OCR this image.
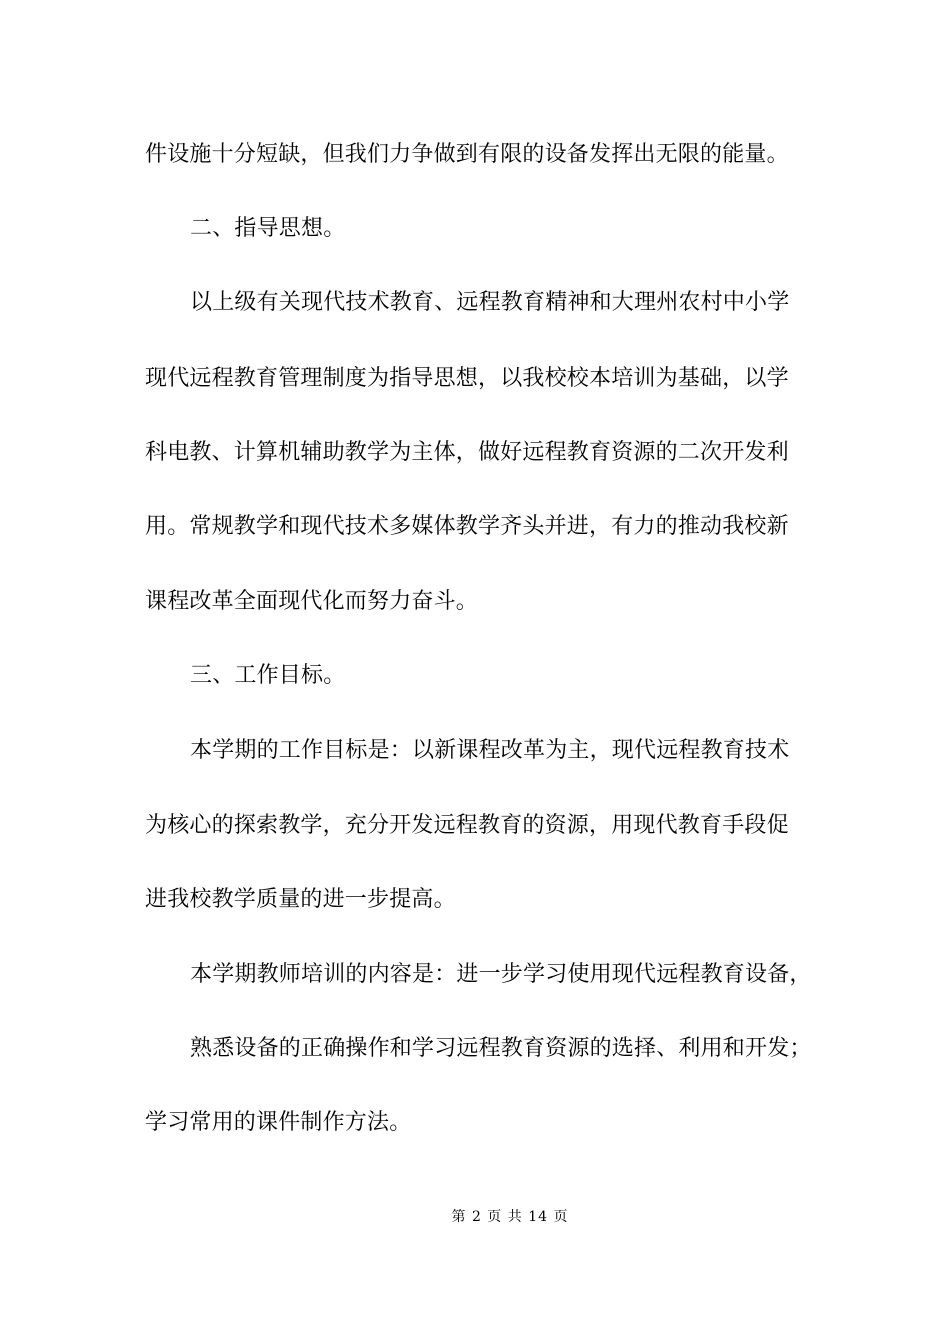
件设施十分短缺，但我们力争做到有限的设备发挥出无限的能量。
二、指导思想。
以上级有关现代技术教育、远程教育精神和大理州农村中小学
现代远程教育管理制度为指导思想，以我校校本培训为基础，以学
科电教、计算机辅助教学为主体，做好远程教育资源的二次开发利
用。常规教学和现代技术多媒体教学齐头并进，有力的推动我校新
课程改革全面现代化而努力奋斗。
三、工作目标。
本学期的工作目标是：以新课程改革为主，现代远程教育技术
为核心的探索教学，充分开发远程教育的资源，用现代教育手段促
进我校教学质量的进一步提高。
本学期教师培训的内容是：进一步学习使用现代远程教育设备，
熟悉设备的正确操作和学习远程教育资源的选择、利用和开发；
学习常用的课件制作方法。
第 2 页 共 14 页
